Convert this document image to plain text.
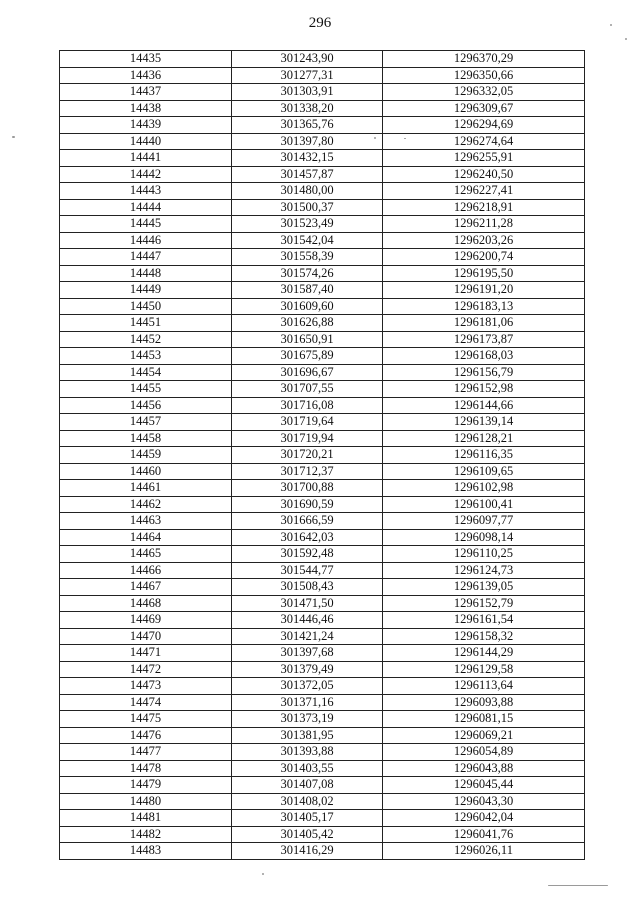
296
14435	301243,90	1296370,29
14436	301277,31	1296350,66
14437	301303,91	1296332,05
14438	301338,20	1296309,67
14439	301365,76	1296294,69
14440	301397,80	1296274,64
14441	301432,15	1296255,91
14442	301457,87	1296240,50
14443	301480,00	1296227,41
14444	301500,37	1296218,91
14445	301523,49	1296211,28
14446	301542,04	1296203,26
14447	301558,39	1296200,74
14448	301574,26	1296195,50
14449	301587,40	1296191,20
14450	301609,60	1296183,13
14451	301626,88	1296181,06
14452	301650,91	1296173,87
14453	301675,89	1296168,03
14454	301696,67	1296156,79
14455	301707,55	1296152,98
14456	301716,08	1296144,66
14457	301719,64	1296139,14
14458	301719,94	1296128,21
14459	301720,21	1296116,35
14460	301712,37	1296109,65
14461	301700,88	1296102,98
14462	301690,59	1296100,41
14463	301666,59	1296097,77
14464	301642,03	1296098,14
14465	301592,48	1296110,25
14466	301544,77	1296124,73
14467	301508,43	1296139,05
14468	301471,50	1296152,79
14469	301446,46	1296161,54
14470	301421,24	1296158,32
14471	301397,68	1296144,29
14472	301379,49	1296129,58
14473	301372,05	1296113,64
14474	301371,16	1296093,88
14475	301373,19	1296081,15
14476	301381,95	1296069,21
14477	301393,88	1296054,89
14478	301403,55	1296043,88
14479	301407,08	1296045,44
14480	301408,02	1296043,30
14481	301405,17	1296042,04
14482	301405,42	1296041,76
14483	301416,29	1296026,11
